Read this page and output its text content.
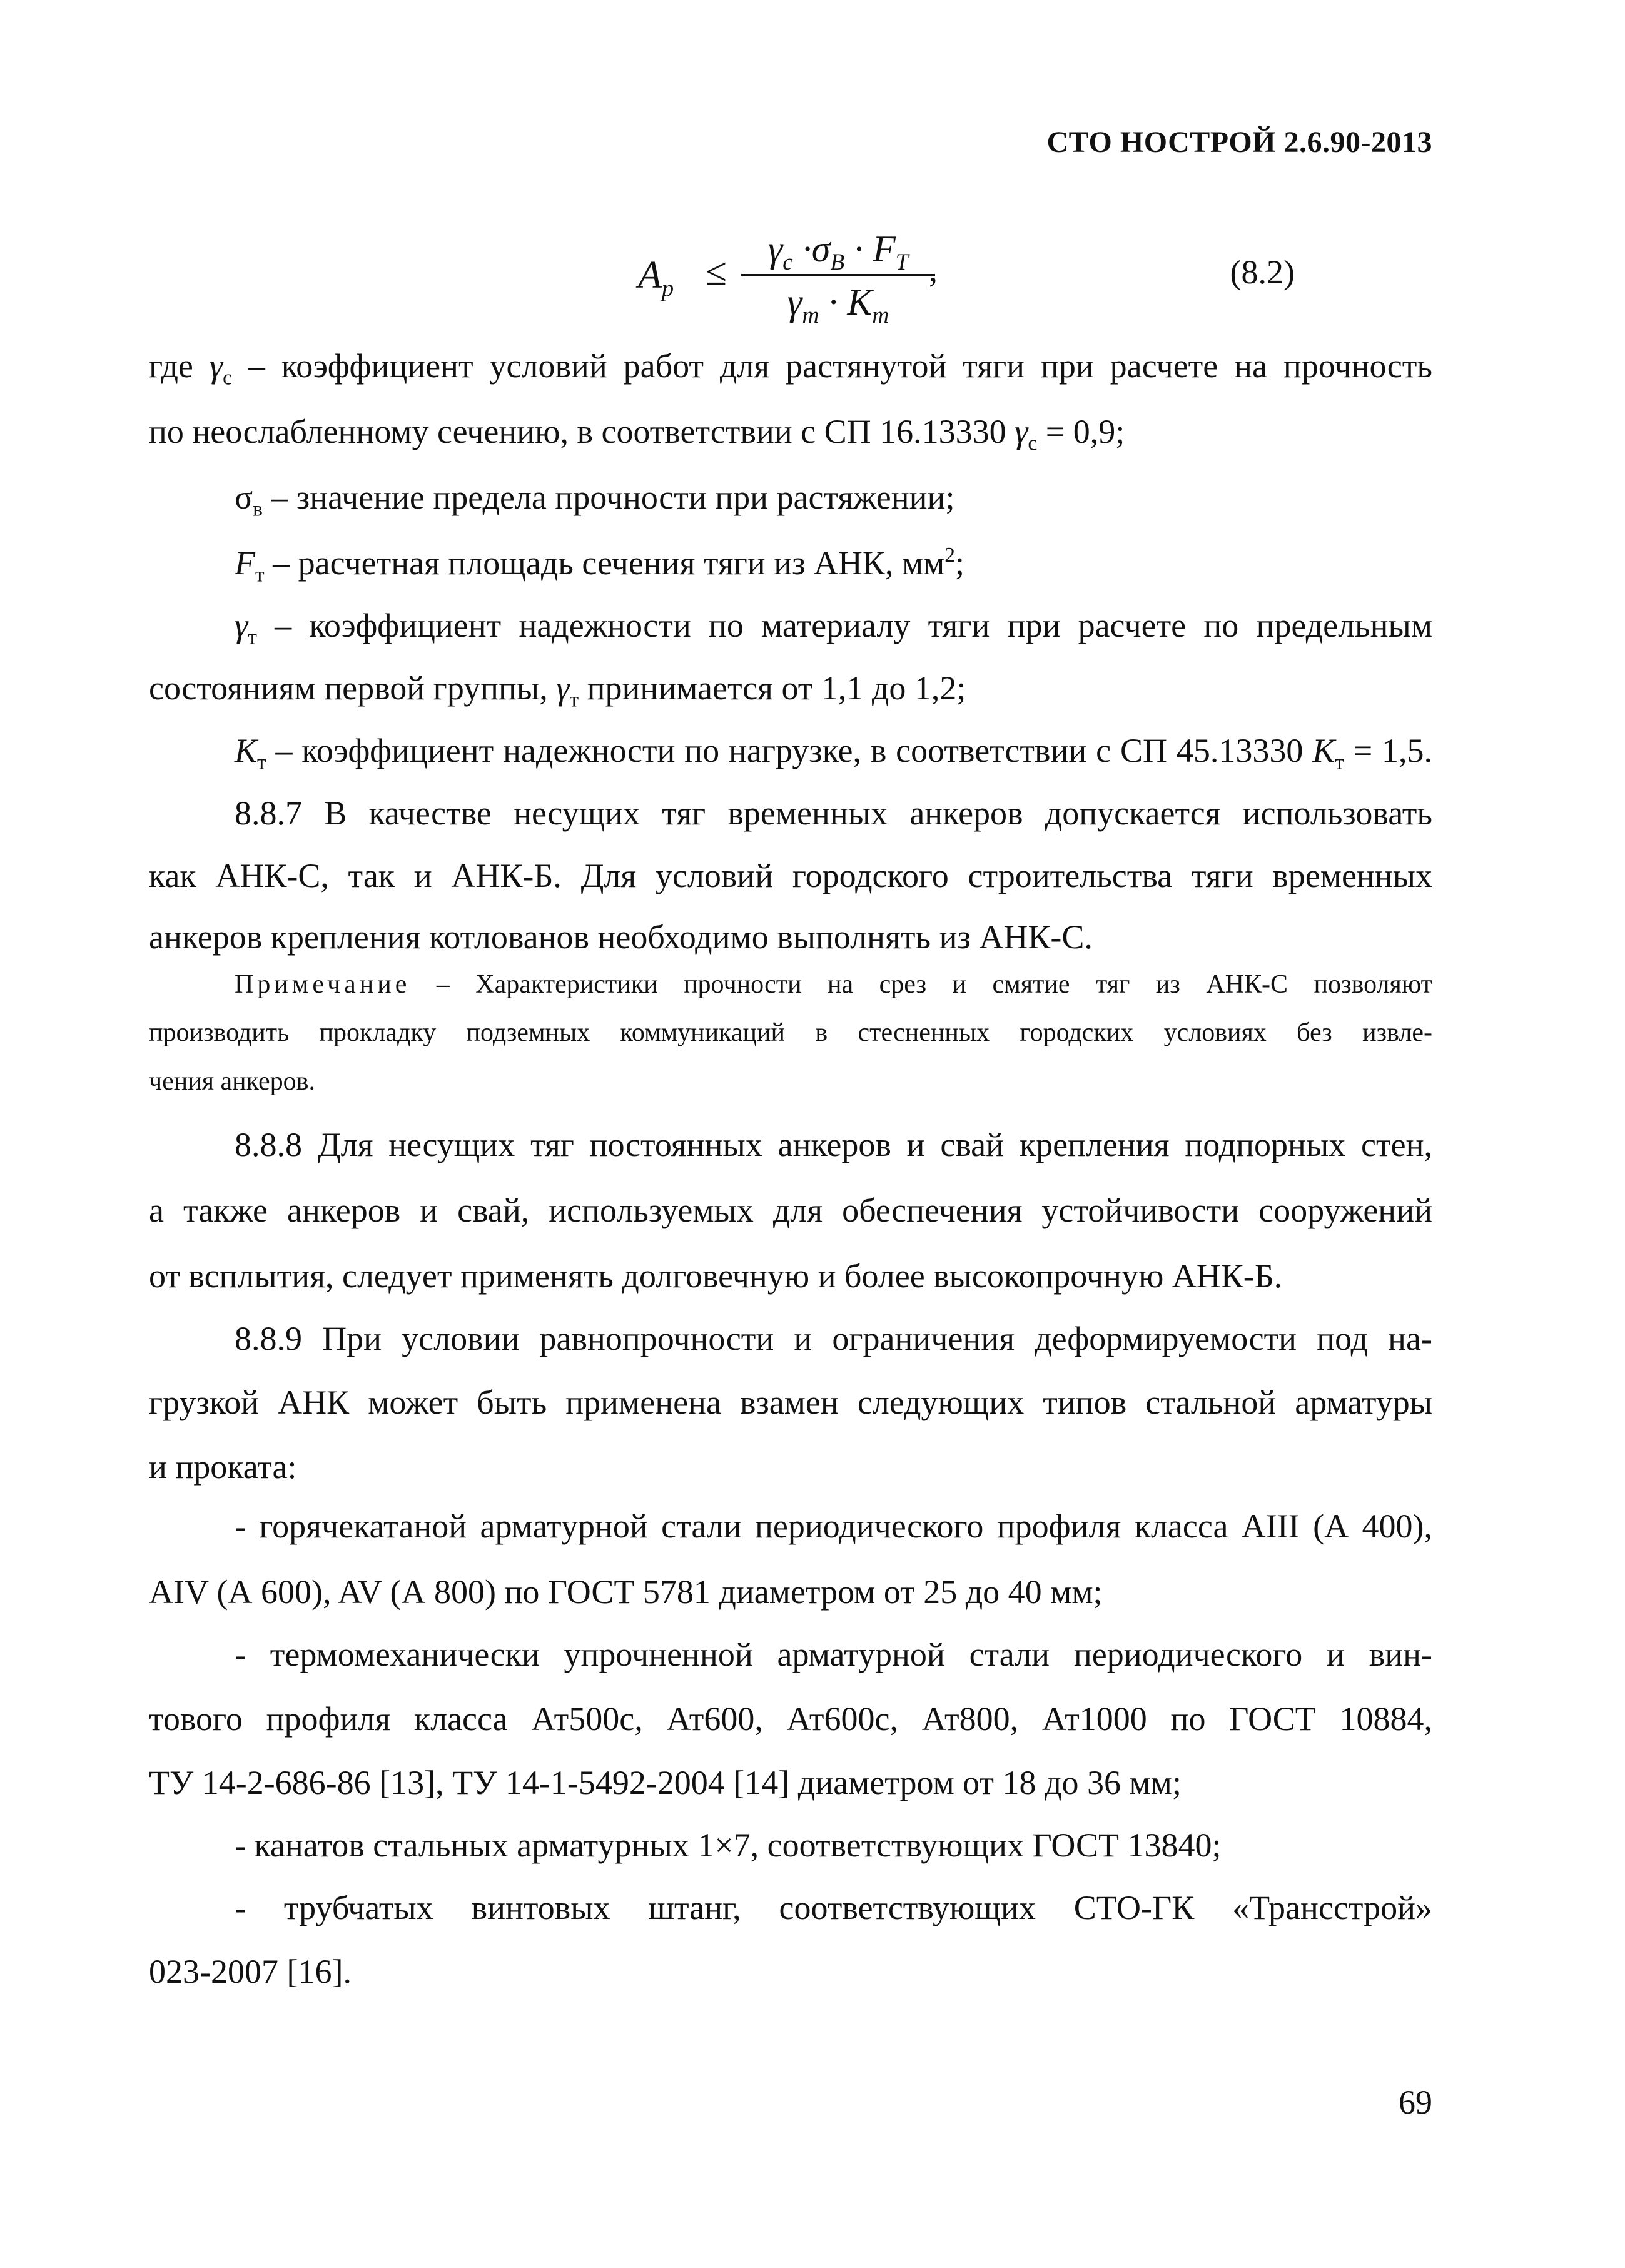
СТО НОСТРОЙ 2.6.90-2013
$A_p$ ≤
$\gamma_c \cdot\sigma_B \cdot F_T$
$\gamma_m \cdot K_m$
,	(8.2)
где $\gamma_c$ – коэффициент условий работ для растянутой тяги при расчете на прочность
по неослабленному сечению, в соответствии с СП 16.13330 $\gamma_c = 0,9$;
$\sigma_в$ – значение предела прочности при растяжении;
$F_т$ – расчетная площадь сечения тяги из АНК, $мм^2$;
$\gamma_т$ – коэффициент надежности по материалу тяги при расчете по предельным
состояниям первой группы, $\gamma_т$ принимается от 1,1 до 1,2;
$K_т$ – коэффициент надежности по нагрузке, в соответствии с СП 45.13330 $K_т = 1,5$.
8.8.7 В качестве несущих тяг временных анкеров допускается использовать
как АНК-С, так и АНК-Б. Для условий городского строительства тяги временных
анкеров крепления котлованов необходимо выполнять из АНК-С.
Примечание – Характеристики прочности на срез и смятие тяг из АНК-С позволяют
производить прокладку подземных коммуникаций в стесненных городских условиях без извле-
чения анкеров.
8.8.8 Для несущих тяг постоянных анкеров и свай крепления подпорных стен,
а также анкеров и свай, используемых для обеспечения устойчивости сооружений
от всплытия, следует применять долговечную и более высокопрочную АНК-Б.
8.8.9 При условии равнопрочности и ограничения деформируемости под на-
грузкой АНК может быть применена взамен следующих типов стальной арматуры
и проката:
- горячекатаной арматурной стали периодического профиля класса AIII (А 400),
AIV (А 600), AV (А 800) по ГОСТ 5781 диаметром от 25 до 40 мм;
- термомеханически упрочненной арматурной стали периодического и вин-
тового профиля класса Ат500с, Ат600, Ат600с, Ат800, Ат1000 по ГОСТ 10884,
ТУ 14-2-686-86 [13], ТУ 14-1-5492-2004 [14] диаметром от 18 до 36 мм;
- канатов стальных арматурных 1×7, соответствующих ГОСТ 13840;
- трубчатых винтовых штанг, соответствующих СТО-ГК «Трансстрой»
023-2007 [16].
69
